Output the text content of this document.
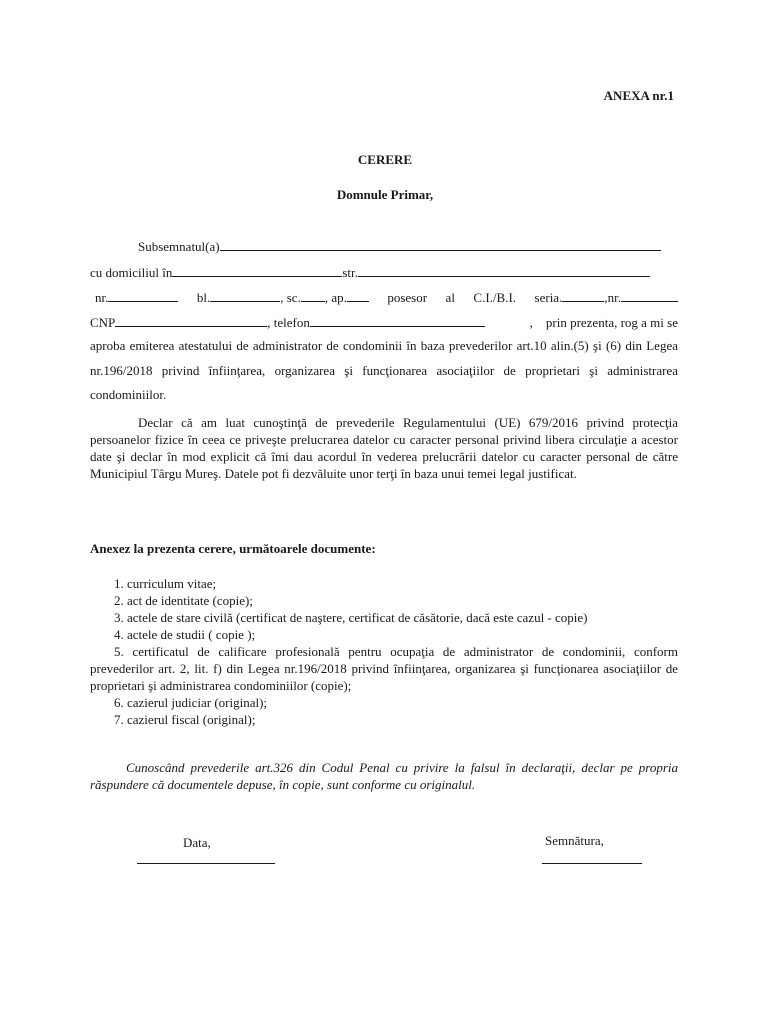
ANEXA nr.1
CERERE
Domnule Primar,
Subsemnatul(a)
cu domiciliul în	str.
nr.	bl.	, sc. , ap.	posesor al C.I./B.I. seria.	,nr.
CNP	, telefon	,    prin prezenta, rog a mi se
aproba emiterea atestatului de administrator de condominii în baza prevederilor art.10 alin.(5) şi (6) din Legea nr.196/2018 privind înfiinţarea, organizarea şi funcţionarea asociaţiilor de proprietari şi administrarea condominiilor.
Declar că am luat cunoştinţă de prevederile Regulamentului (UE) 679/2016 privind protecţia persoanelor fizice în ceea ce priveşte prelucrarea datelor cu caracter personal privind libera circulaţie a acestor date şi declar în mod explicit că îmi dau acordul în vederea prelucrării datelor cu caracter personal de către Municipiul Târgu Mureş. Datele pot fi dezvăluite unor terţi în baza unui temei legal justificat.
Anexez la prezenta cerere, următoarele documente:
1. curriculum vitae;
2. act de identitate (copie);
3. actele de stare civilă (certificat de naştere, certificat de căsătorie, dacă este cazul - copie)
4. actele de studii ( copie );
5. certificatul de calificare profesională pentru ocupaţia de administrator de condominii, conform prevederilor art. 2, lit. f) din Legea nr.196/2018 privind înfiinţarea, organizarea şi funcţionarea asociaţiilor de proprietari şi administrarea condominiilor (copie);
6. cazierul judiciar (original);
7. cazierul fiscal (original);
Cunoscând prevederile art.326 din Codul Penal cu privire la falsul în declaraţii, declar pe propria răspundere că documentele depuse, în copie, sunt conforme cu originalul.
Data,	Semnătura,
